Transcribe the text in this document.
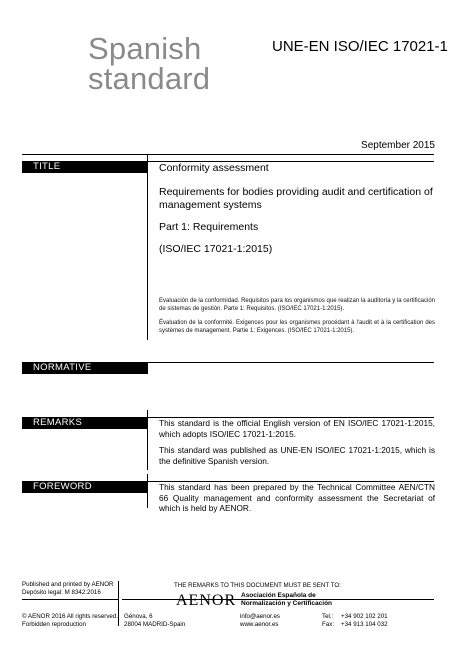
Spanish
standard
UNE-EN ISO/IEC 17021-1
September 2015
TITLE	Conformity assessment
Requirements for bodies providing audit and certification of management systems
Part 1: Requirements
(ISO/IEC 17021-1:2015)
Evaluación de la conformidad. Requisitos para los organismos que realizan la auditoría y la certificación de sistemas de gestión. Parte 1: Requisitos. (ISO/IEC 17021-1:2015).
Évaluation de la conformité. Exigences pour les organismes procédant à l'audit et à la certification des systèmes de management. Partie 1: Exigences. (ISO/IEC 17021-1:2015).
NORMATIVE
REMARKS	This standard is the official English version of EN ISO/IEC 17021-1:2015, which adopts ISO/IEC 17021-1:2015.
This standard was published as UNE-EN ISO/IEC 17021-1:2015, which is the definitive Spanish version.
FOREWORD	This standard has been prepared by the Technical Committee AEN/CTN 66 Quality management and conformity assessment the Secretariat of which is held by AENOR.
Published and printed by AENOR
Depósito legal: M 8342:2016
THE REMARKS TO THIS DOCUMENT MUST BE SENT TO:
AENOR Asociación Española de
Normalización y Certificación
© AENOR 2016 All rights reserved.
Forbidden reproduction
Génova, 6
28004 MADRID-Spain
info@aenor.es
www.aenor.es
Tel.: +34 902 102 201
Fax: +34 913 104 032
